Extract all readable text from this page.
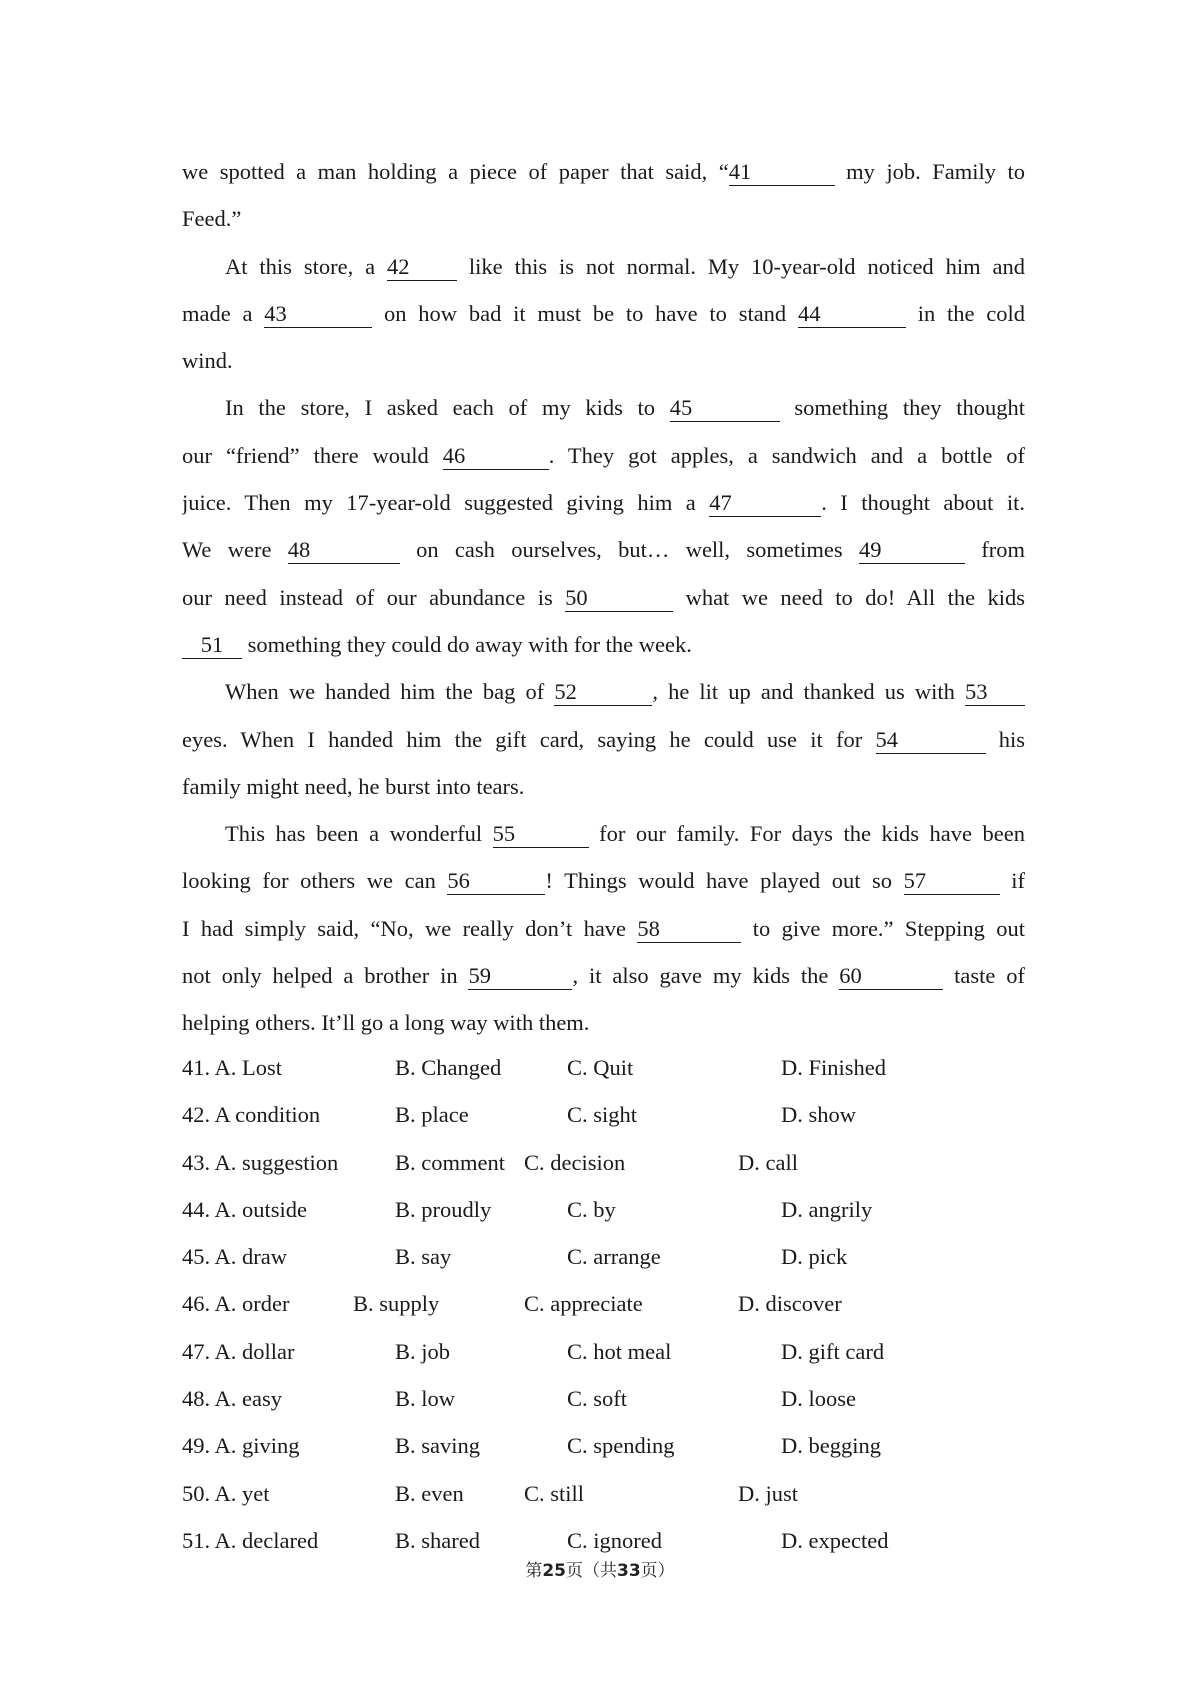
we spotted a man holding a piece of paper that said, “41	my job. Family to
Feed.”
At this store, a 42 like this is not normal. My 10-year-old noticed him and
made a 43	on how bad it must be to have to stand 44	in the cold
wind.
In the store, I asked each of my kids to 45	something they thought
our “friend” there would 46	. They got apples, a sandwich and a bottle of
juice. Then my 17-year-old suggested giving him a 47	. I thought about it.
We were 48	on cash ourselves, but… well, sometimes 49	from
our need instead of our abundance is 50	what we need to do! All the kids
51 something they could do away with for the week.
When we handed him the bag of 52	, he lit up and thanked us with 53
eyes. When I handed him the gift card, saying he could use it for 54	his
family might need, he burst into tears.
This has been a wonderful 55	for our family. For days the kids have been
looking for others we can 56	! Things would have played out so 57	if
I had simply said, “No, we really don’t have 58	to give more.” Stepping out
not only helped a brother in 59	, it also gave my kids the 60	taste of
helping others. It’ll go a long way with them.
41. A. Lost	B. Changed	C. Quit	D. Finished
42. A condition	B. place	C. sight	D. show
43. A. suggestion	B. comment C. decision	D. call
44. A. outside	B. proudly	C. by	D. angrily
45. A. draw	B. say	C. arrange	D. pick
46. A. order	B. supply	C. appreciate	D. discover
47. A. dollar	B. job	C. hot meal	D. gift card
48. A. easy	B. low	C. soft	D. loose
49. A. giving	B. saving	C. spending	D. begging
50. A. yet	B. even	C. still	D. just
51. A. declared	B. shared	C. ignored	D. expected
第25页（共33页）
